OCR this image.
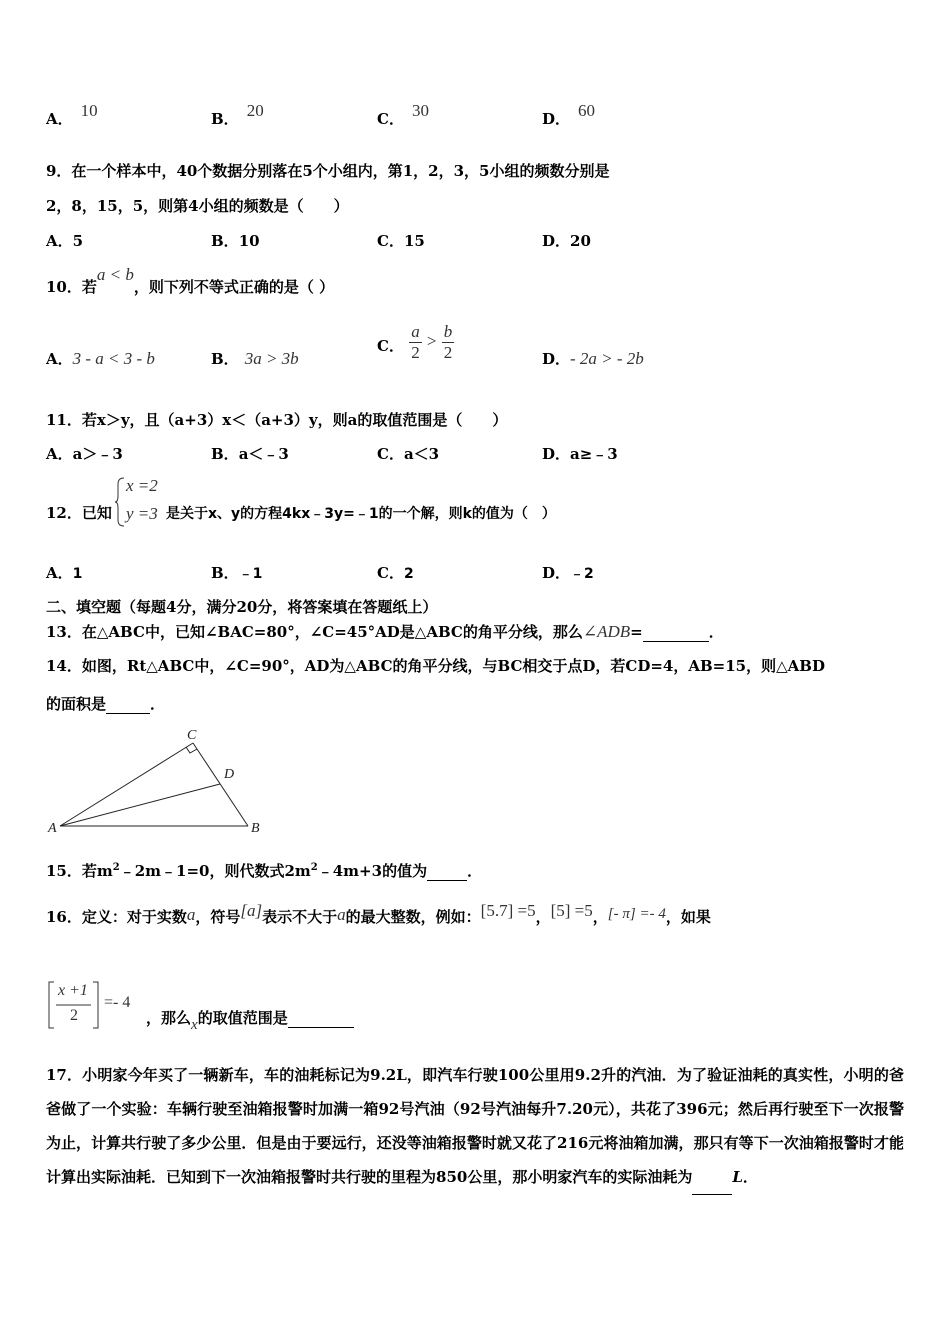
A． 10	B． 20	C． 30	D． 60
9．在一个样本中，40个数据分别落在5个小组内，第1，2，3，5小组的频数分别是
2，8，15，5，则第4小组的频数是（　　）
A．5	B．10	C．15	D．20
10．若a < b，则下列不等式正确的是（ ）
A．3 - a < 3 - b	B． 3a > 3b
C． $\frac{a}{2} > \frac{b}{2}$	D．- 2a > - 2b
11．若x＞y，且（a+3）x＜（a+3）y，则a的取值范围是（　　）
A．a＞﹣3	B．a＜﹣3	C．a＜3	D．a≥﹣3
12．已知
x =2
y =3 是关于x、y的方程4kx﹣3y=﹣1的一个解，则k的值为（　）
A．1	B．﹣1	C．2	D．﹣2
二、填空题（每题4分，满分20分，将答案填在答题纸上）
13．在△ABC中，已知∠BAC=80°，∠C=45°AD是△ABC的角平分线，那么∠ADB=	．
14．如图，Rt△ABC中，∠C=90°，AD为△ABC的角平分线，与BC相交于点D，若CD=4，AB=15，则△ABD
的面积是	．
C
D
A	B
15．若$m^2﹣2m﹣1=0$，则代数式$2m^2﹣4m+3$的值为	．
16．定义：对于实数a，符号[a]表示不大于a的最大整数，例如：[5.7] =5，[5] =5，[- π] =- 4，如果
x +1
2
=- 4
，那么x的取值范围是
17．小明家今年买了一辆新车，车的油耗标记为9.2L，即汽车行驶100公里用9.2升的汽油．为了验证油耗的真实性，小明的爸爸做了一个实验：车辆行驶至油箱报警时加满一箱92号汽油（92号汽油每升7.20元），共花了396元；然后再行驶至下一次报警为止，计算共行驶了多少公里．但是由于要远行，还没等油箱报警时就又花了216元将油箱加满，那只有等下一次油箱报警时才能计算出实际油耗．已知到下一次油箱报警时共行驶的里程为850公里，那小明家汽车的实际油耗为	L．
